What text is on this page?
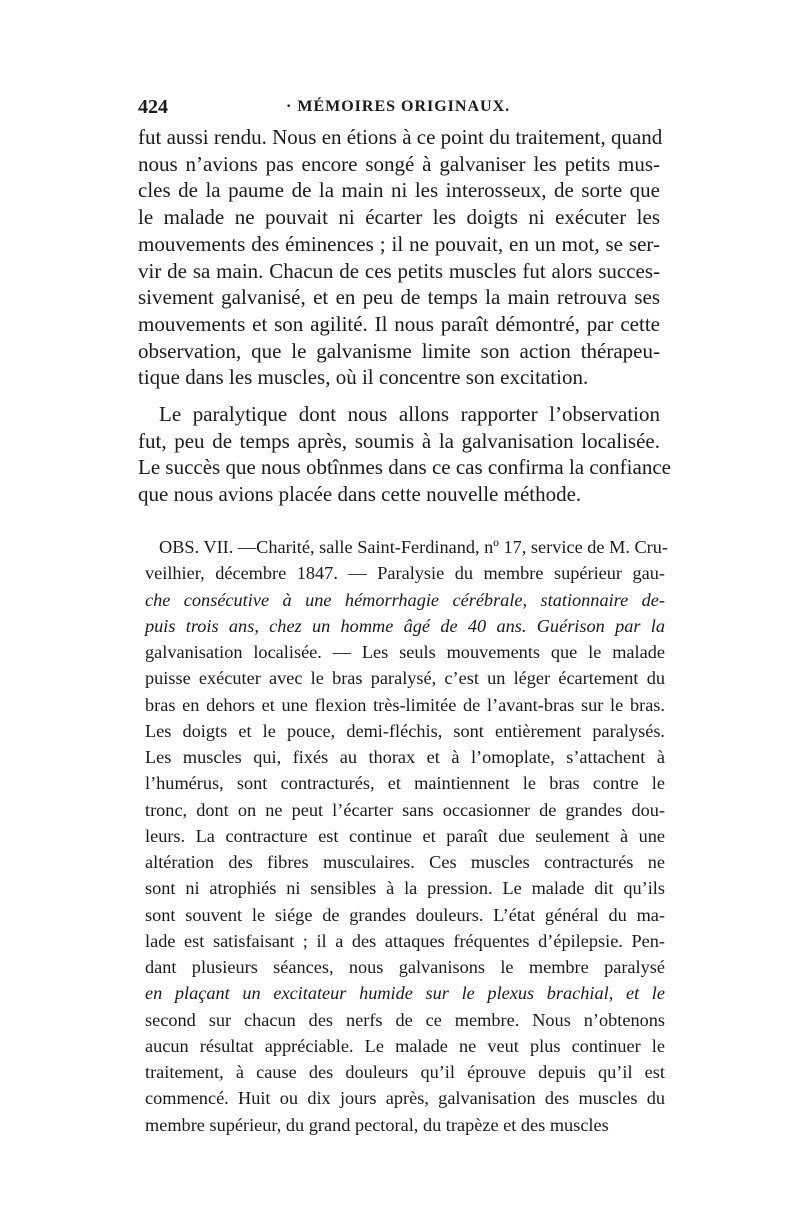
424	· MÉMOIRES ORIGINAUX.
fut aussi rendu. Nous en étions à ce point du traitement, quand
nous n’avions pas encore songé à galvaniser les petits mus-
cles de la paume de la main ni les interosseux, de sorte que
le malade ne pouvait ni écarter les doigts ni exécuter les
mouvements des éminences ; il ne pouvait, en un mot, se ser-
vir de sa main. Chacun de ces petits muscles fut alors succes-
sivement galvanisé, et en peu de temps la main retrouva ses
mouvements et son agilité. Il nous paraît démontré, par cette
observation, que le galvanisme limite son action thérapeu-
tique dans les muscles, où il concentre son excitation.
Le paralytique dont nous allons rapporter l’observation
fut, peu de temps après, soumis à la galvanisation localisée.
Le succès que nous obtînmes dans ce cas confirma la confiance
que nous avions placée dans cette nouvelle méthode.
OBS. VII. —Charité, salle Saint-Ferdinand, nº 17, service de M. Cru-
veilhier, décembre 1847. — Paralysie du membre supérieur gau-
che consécutive à une hémorrhagie cérébrale, stationnaire de-
puis trois ans, chez un homme âgé de 40 ans. Guérison par la
galvanisation localisée. — Les seuls mouvements que le malade
puisse exécuter avec le bras paralysé, c’est un léger écartement du
bras en dehors et une flexion très-limitée de l’avant-bras sur le bras.
Les doigts et le pouce, demi-fléchis, sont entièrement paralysés.
Les muscles qui, fixés au thorax et à l’omoplate, s’attachent à
l’humérus, sont contracturés, et maintiennent le bras contre le
tronc, dont on ne peut l’écarter sans occasionner de grandes dou-
leurs. La contracture est continue et paraît due seulement à une
altération des fibres musculaires. Ces muscles contracturés ne
sont ni atrophiés ni sensibles à la pression. Le malade dit qu’ils
sont souvent le siége de grandes douleurs. L’état général du ma-
lade est satisfaisant ; il a des attaques fréquentes d’épilepsie. Pen-
dant plusieurs séances, nous galvanisons le membre paralysé
en plaçant un excitateur humide sur le plexus brachial, et le
second sur chacun des nerfs de ce membre. Nous n’obtenons
aucun résultat appréciable. Le malade ne veut plus continuer le
traitement, à cause des douleurs qu’il éprouve depuis qu’il est
commencé. Huit ou dix jours après, galvanisation des muscles du
membre supérieur, du grand pectoral, du trapèze et des muscles
